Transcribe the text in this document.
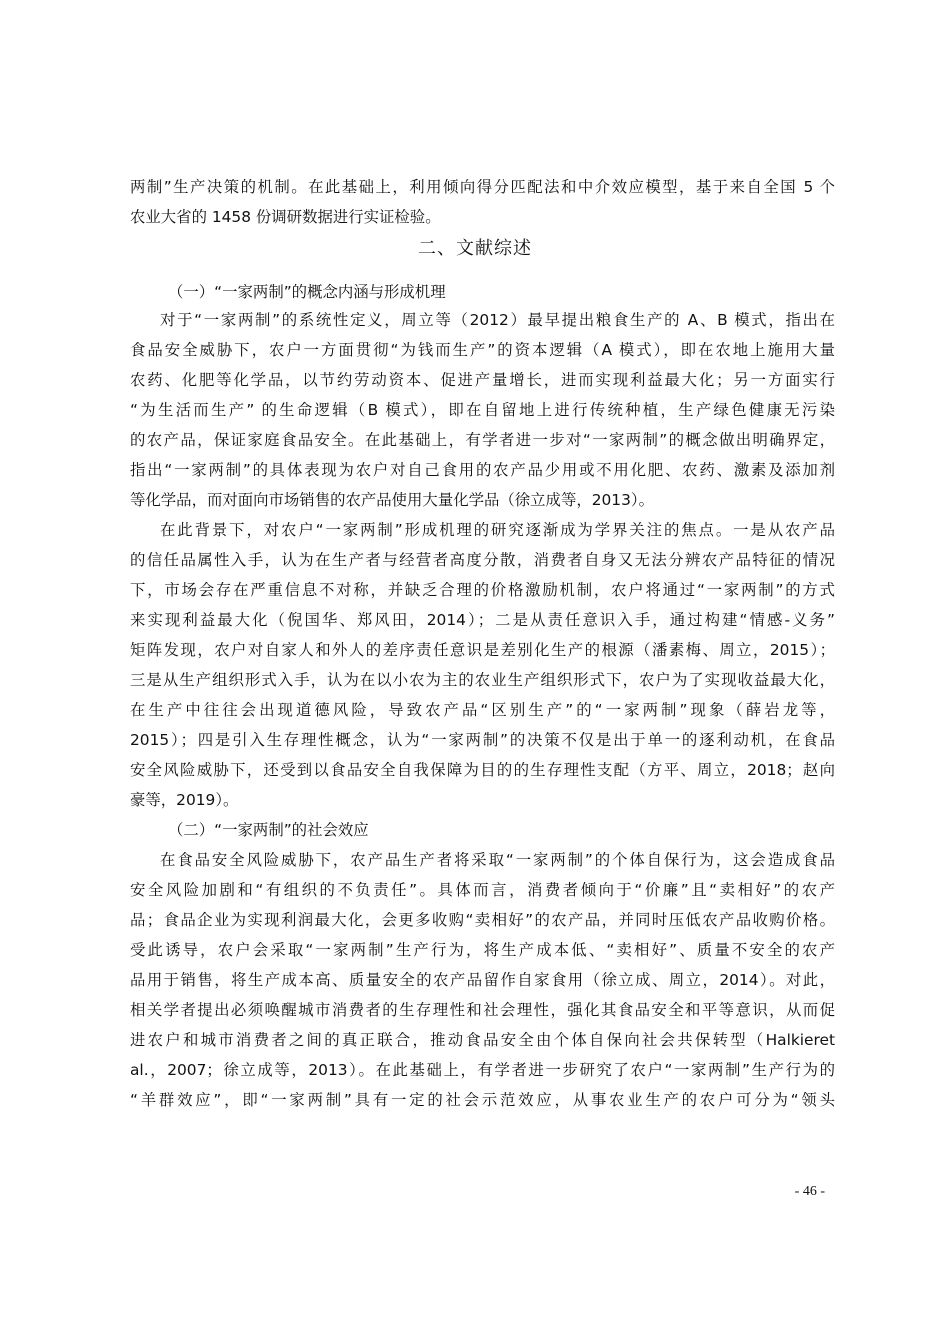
两制”生产决策的机制。在此基础上，利用倾向得分匹配法和中介效应模型，基于来自全国 5 个
农业大省的 1458 份调研数据进行实证检验。
二、文献综述
（一）“一家两制”的概念内涵与形成机理
对于“一家两制”的系统性定义，周立等（2012）最早提出粮食生产的 A、B 模式，指出在
食品安全威胁下，农户一方面贯彻“为钱而生产”的资本逻辑（A 模式），即在农地上施用大量
农药、化肥等化学品，以节约劳动资本、促进产量增长，进而实现利益最大化；另一方面实行
“为生活而生产” 的生命逻辑（B 模式），即在自留地上进行传统种植，生产绿色健康无污染
的农产品，保证家庭食品安全。在此基础上，有学者进一步对“一家两制”的概念做出明确界定，
指出“一家两制”的具体表现为农户对自己食用的农产品少用或不用化肥、农药、激素及添加剂
等化学品，而对面向市场销售的农产品使用大量化学品（徐立成等，2013）。
在此背景下，对农户“一家两制”形成机理的研究逐渐成为学界关注的焦点。一是从农产品
的信任品属性入手，认为在生产者与经营者高度分散，消费者自身又无法分辨农产品特征的情况
下，市场会存在严重信息不对称，并缺乏合理的价格激励机制，农户将通过“一家两制”的方式
来实现利益最大化（倪国华、郑风田，2014）；二是从责任意识入手，通过构建“情感-义务”
矩阵发现，农户对自家人和外人的差序责任意识是差别化生产的根源（潘素梅、周立，2015）；
三是从生产组织形式入手，认为在以小农为主的农业生产组织形式下，农户为了实现收益最大化，
在生产中往往会出现道德风险，导致农产品“区别生产”的“一家两制”现象（薛岩龙等，
2015）；四是引入生存理性概念，认为“一家两制”的决策不仅是出于单一的逐利动机，在食品
安全风险威胁下，还受到以食品安全自我保障为目的的生存理性支配（方平、周立，2018；赵向
豪等，2019）。
（二）“一家两制”的社会效应
在食品安全风险威胁下，农产品生产者将采取“一家两制”的个体自保行为，这会造成食品
安全风险加剧和“有组织的不负责任”。具体而言，消费者倾向于“价廉”且“卖相好”的农产
品；食品企业为实现利润最大化，会更多收购“卖相好”的农产品，并同时压低农产品收购价格。
受此诱导，农户会采取“一家两制”生产行为，将生产成本低、“卖相好”、质量不安全的农产
品用于销售，将生产成本高、质量安全的农产品留作自家食用（徐立成、周立，2014）。对此，
相关学者提出必须唤醒城市消费者的生存理性和社会理性，强化其食品安全和平等意识，从而促
进农户和城市消费者之间的真正联合，推动食品安全由个体自保向社会共保转型（Halkieret
al.，2007；徐立成等，2013）。在此基础上，有学者进一步研究了农户“一家两制”生产行为的
“羊群效应”，即“一家两制”具有一定的社会示范效应，从事农业生产的农户可分为“领头
- 46 -
